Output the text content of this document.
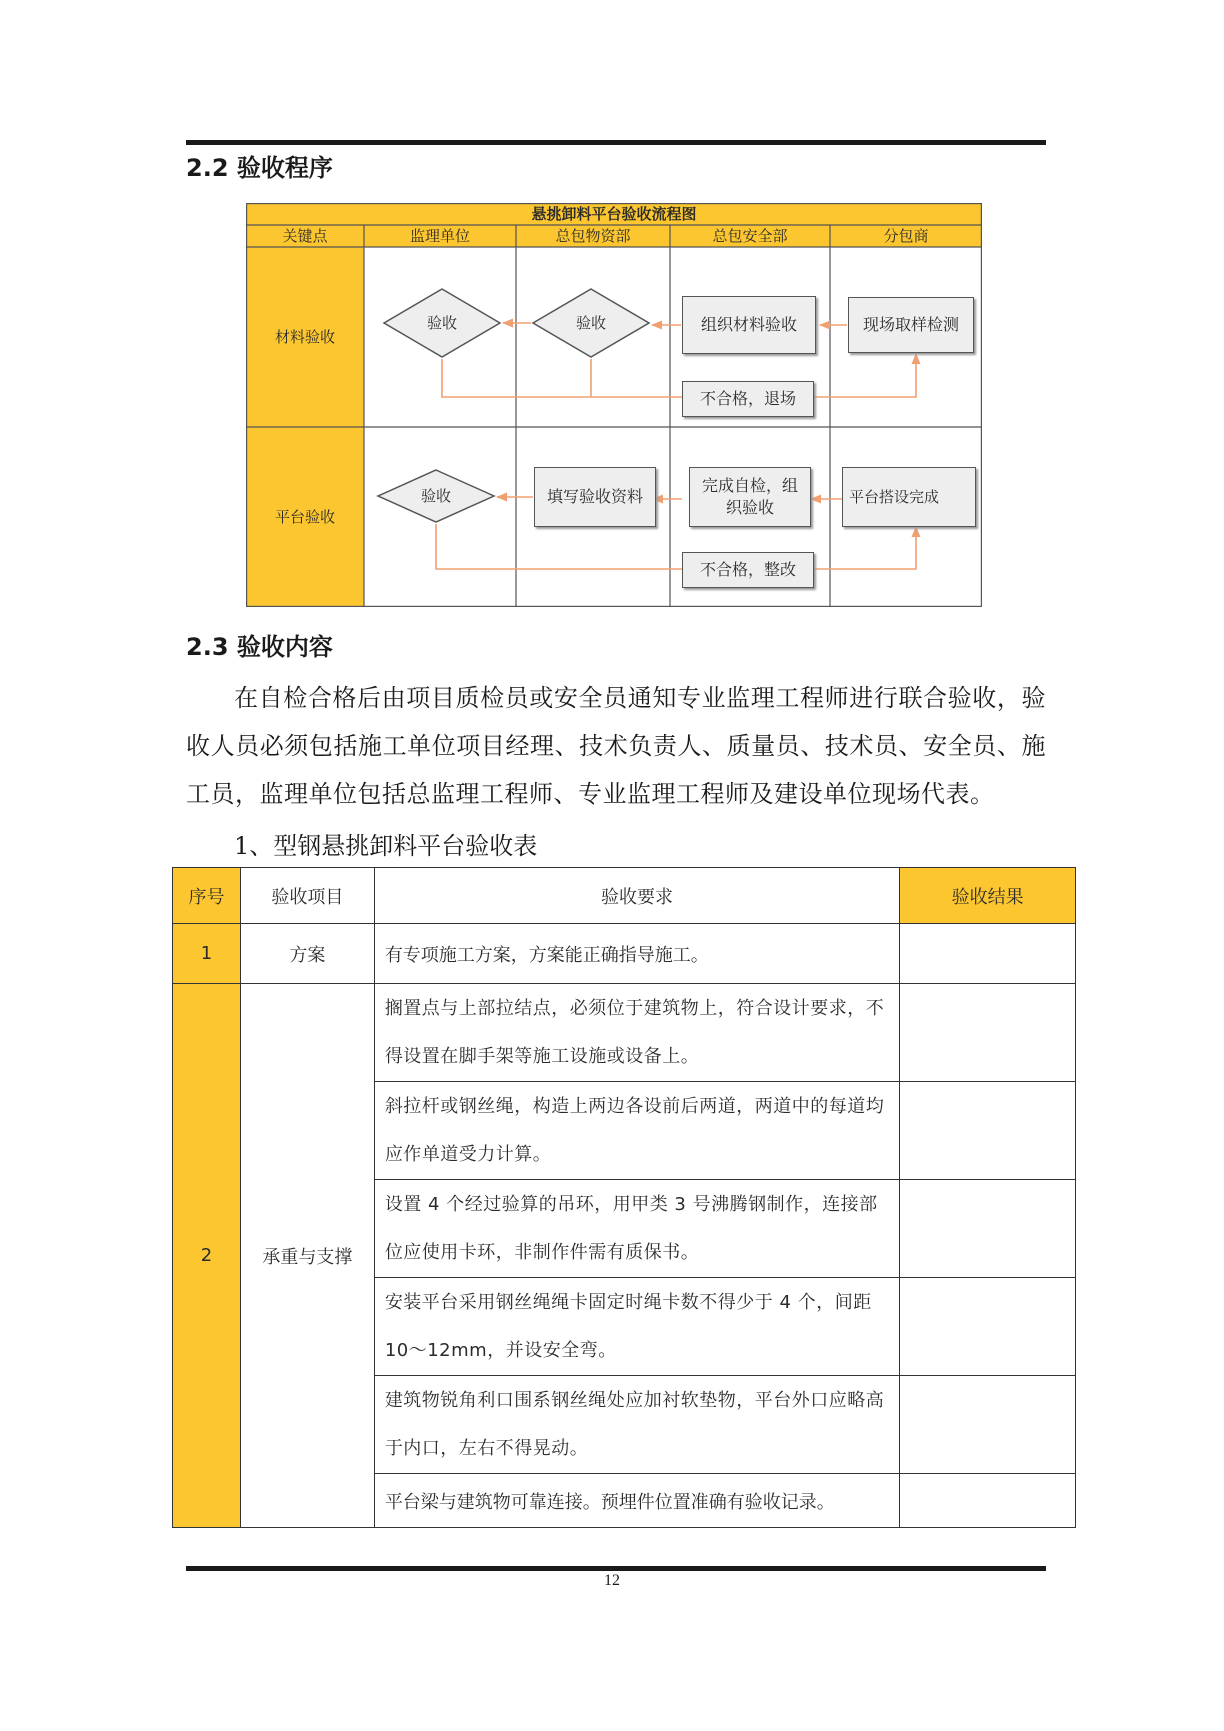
2.2 验收程序
悬挑卸料平台验收流程图
关键点	监理单位	总包物资部	总包安全部	分包商
材料验收
平台验收
验收	验收	组织材料验收	现场取样检测
不合格，退场
验收	填写验收资料
完成自检，组织验收
平台搭设完成
不合格，整改
2.3 验收内容

在自检合格后由项目质检员或安全员通知专业监理工程师进行联合验收，验收人员必须包括施工单位项目经理、技术负责人、质量员、技术员、安全员、施工员，监理单位包括总监理工程师、专业监理工程师及建设单位现场代表。

1、型钢悬挑卸料平台验收表

序号	验收项目	验收要求	验收结果
1	方案	有专项施工方案，方案能正确指导施工。	
2	承重与支撑	搁置点与上部拉结点，必须位于建筑物上，符合设计要求，不得设置在脚手架等施工设施或设备上。	
		斜拉杆或钢丝绳，构造上两边各设前后两道，两道中的每道均应作单道受力计算。	
		设置 4 个经过验算的吊环，用甲类 3 号沸腾钢制作，连接部位应使用卡环，非制作件需有质保书。	
		安装平台采用钢丝绳绳卡固定时绳卡数不得少于 4 个，间距 10～12mm，并设安全弯。	
		建筑物锐角利口围系钢丝绳处应加衬软垫物，平台外口应略高于内口，左右不得晃动。	
		平台梁与建筑物可靠连接。预埋件位置准确有验收记录。	
12
